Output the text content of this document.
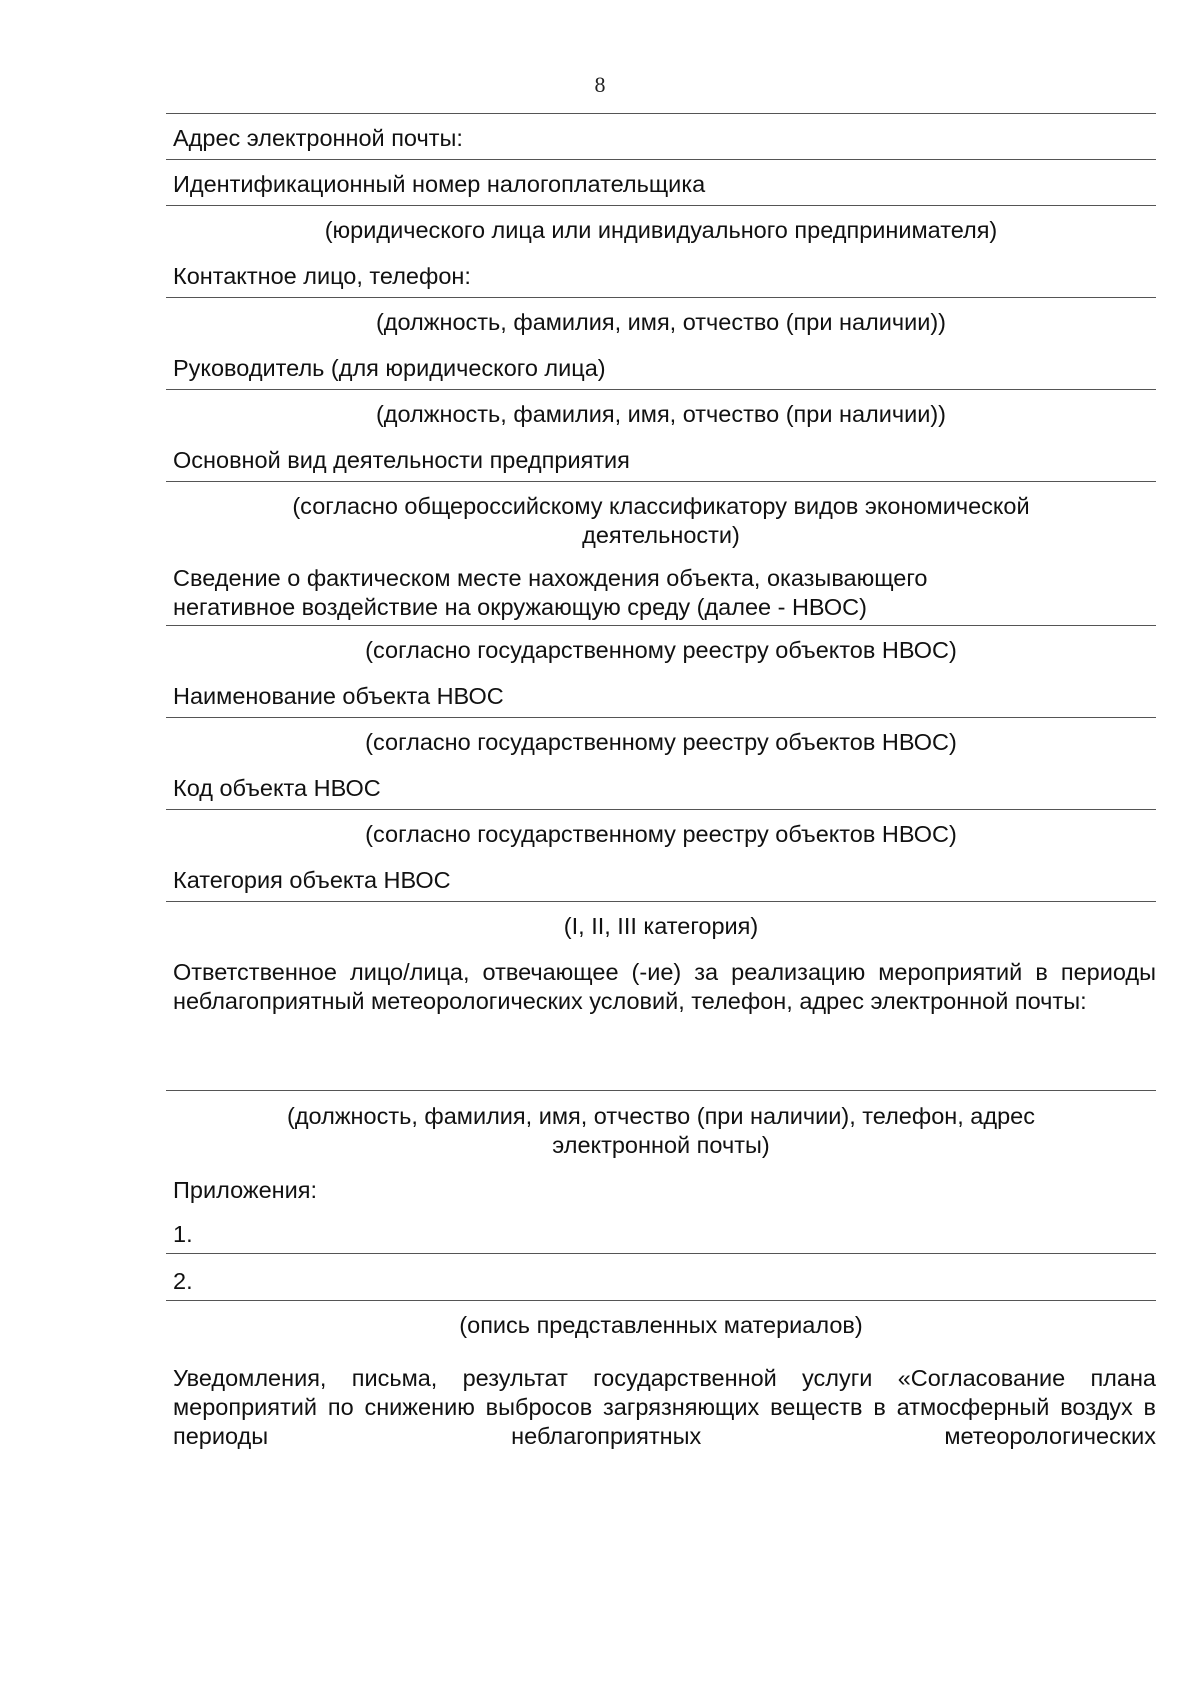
8
Адрес электронной почты:
Идентификационный номер налогоплательщика
(юридического лица или индивидуального предпринимателя)
Контактное лицо, телефон:
(должность, фамилия, имя, отчество (при наличии))
Руководитель (для юридического лица)
(должность, фамилия, имя, отчество (при наличии))
Основной вид деятельности предприятия
(согласно общероссийскому классификатору видов экономической деятельности)
Сведение о фактическом месте нахождения объекта, оказывающего негативное воздействие на окружающую среду (далее - НВОС)
(согласно государственному реестру объектов НВОС)
Наименование объекта НВОС
(согласно государственному реестру объектов НВОС)
Код объекта НВОС
(согласно государственному реестру объектов НВОС)
Категория объекта НВОС
(I, II, III категория)
Ответственное лицо/лица, отвечающее (-ие) за реализацию мероприятий в периоды неблагоприятный метеорологических условий, телефон, адрес электронной почты:
(должность, фамилия, имя, отчество (при наличии), телефон, адрес электронной почты)
Приложения:
1.
2.
(опись представленных материалов)
Уведомления, письма, результат государственной услуги «Согласование плана мероприятий по снижению выбросов загрязняющих веществ в атмосферный воздух в периоды неблагоприятных метеорологических
